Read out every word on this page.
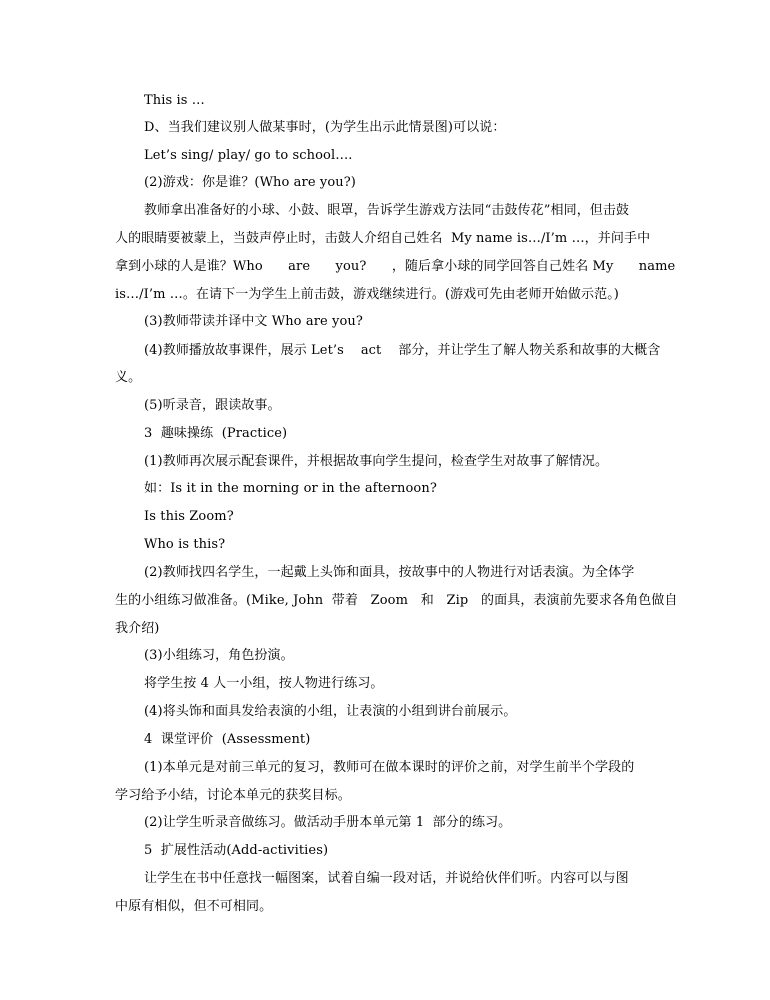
This is …
D、当我们建议别人做某事时，(为学生出示此情景图)可以说：
Let’s sing/ play/ go to school….
(2)游戏：你是谁？(Who are you?)
教师拿出准备好的小球、小鼓、眼罩，告诉学生游戏方法同“击鼓传花”相同，但击鼓
人的眼睛要被蒙上，当鼓声停止时，击鼓人介绍自己姓名  My name is…/I’m …，并问手中
拿到小球的人是谁？Who      are      you?      ，随后拿小球的同学回答自己姓名 My      name
is…/I’m …。在请下一为学生上前击鼓，游戏继续进行。(游戏可先由老师开始做示范。)
(3)教师带读并译中文 Who are you?
(4)教师播放故事课件，展示 Let’s    act    部分，并让学生了解人物关系和故事的大概含
义。
(5)听录音，跟读故事。
3  趣味操练  (Practice)
(1)教师再次展示配套课件，并根据故事向学生提问，检查学生对故事了解情况。
如：Is it in the morning or in the afternoon?
Is this Zoom?
Who is this?
(2)教师找四名学生，一起戴上头饰和面具，按故事中的人物进行对话表演。为全体学
生的小组练习做准备。(Mike, John  带着   Zoom   和   Zip   的面具，表演前先要求各角色做自
我介绍)
(3)小组练习，角色扮演。
将学生按 4 人一小组，按人物进行练习。
(4)将头饰和面具发给表演的小组，让表演的小组到讲台前展示。
4  课堂评价  (Assessment)
(1)本单元是对前三单元的复习，教师可在做本课时的评价之前，对学生前半个学段的
学习给予小结，讨论本单元的获奖目标。
(2)让学生听录音做练习。做活动手册本单元第 1  部分的练习。
5  扩展性活动(Add-activities)
让学生在书中任意找一幅图案，试着自编一段对话，并说给伙伴们听。内容可以与图
中原有相似，但不可相同。
